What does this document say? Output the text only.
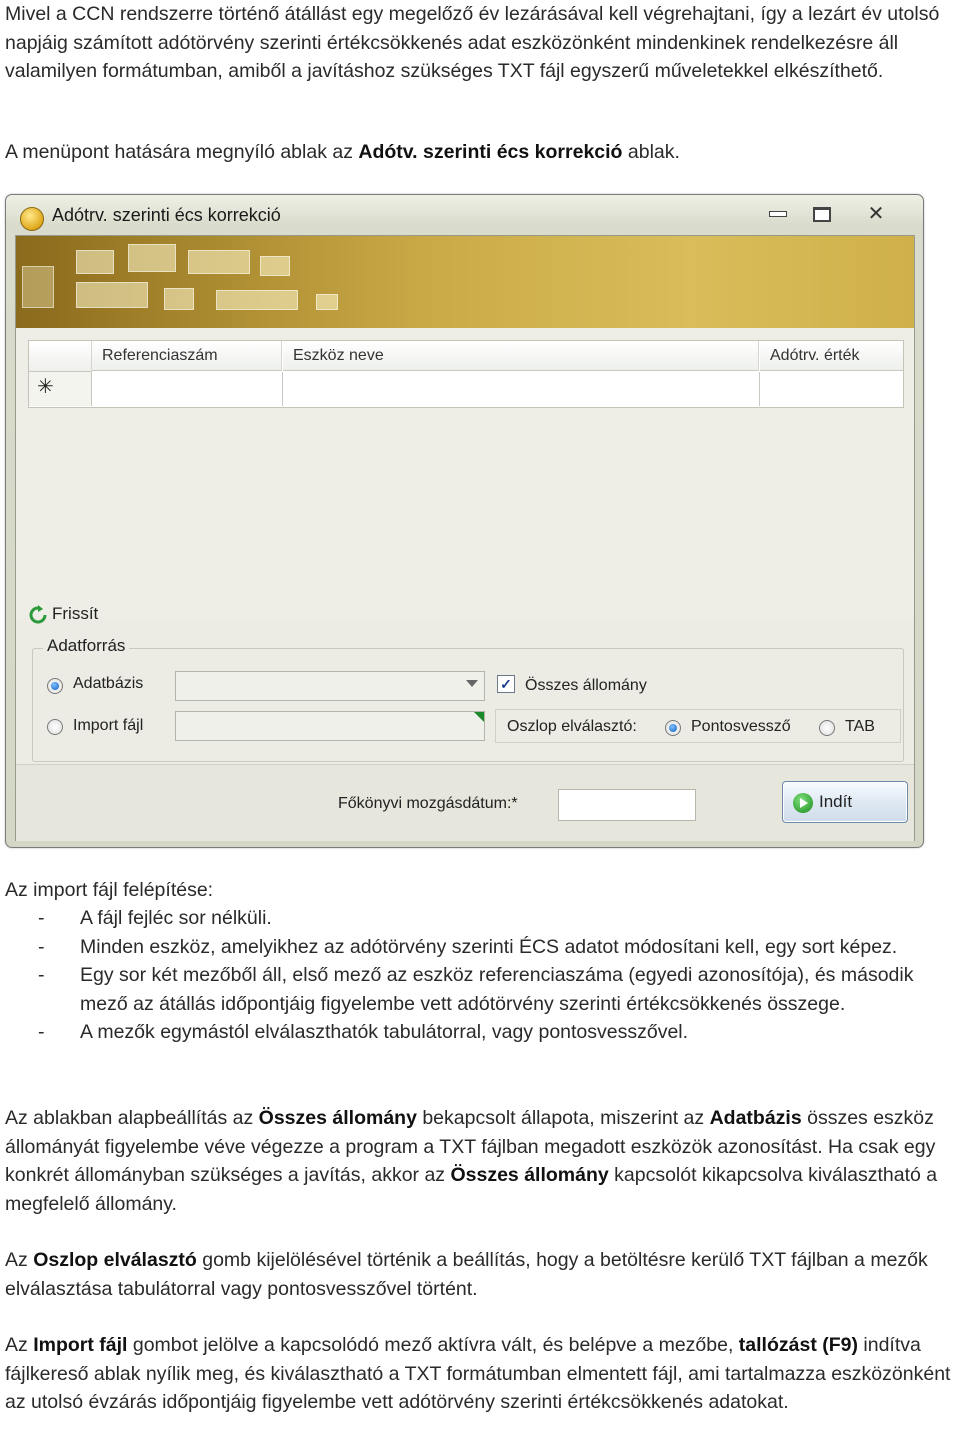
Mivel a CCN rendszerre történő átállást egy megelőző év lezárásával kell végrehajtani, így a lezárt év utolsó napjáig számított adótörvény szerinti értékcsökkenés adat eszközönként mindenkinek rendelkezésre áll valamilyen formátumban, amiből a javításhoz szükséges TXT fájl egyszerű műveletekkel elkészíthető.

A menüpont hatására megnyíló ablak az Adótv. szerinti écs korrekció ablak.

Adótrv. szerinti écs korrekció	✕
Referenciaszám	Eszköz neve	Adótrv. érték
✳
Frissít
Adatforrás
Adatbázis	✓ Összes állomány
Import fájl	Oszlop elválasztó:	Pontosvessző	TAB
Főkönyvi mozgásdátum:*	Indít

Az import fájl felépítése:

- A fájl fejléc sor nélküli.
- Minden eszköz, amelyikhez az adótörvény szerinti ÉCS adatot módosítani kell, egy sort képez.
- Egy sor két mezőből áll, első mező az eszköz referenciaszáma (egyedi azonosítója), és második mező az átállás időpontjáig figyelembe vett adótörvény szerinti értékcsökkenés összege.
- A mezők egymástól elválaszthatók tabulátorral, vagy pontosvesszővel.

Az ablakban alapbeállítás az Összes állomány bekapcsolt állapota, miszerint az Adatbázis összes eszköz állományát figyelembe véve végezze a program a TXT fájlban megadott eszközök azonosítást. Ha csak egy konkrét állományban szükséges a javítás, akkor az Összes állomány kapcsolót kikapcsolva kiválasztható a megfelelő állomány.

Az Oszlop elválasztó gomb kijelölésével történik a beállítás, hogy a betöltésre kerülő TXT fájlban a mezők elválasztása tabulátorral vagy pontosvesszővel történt.

Az Import fájl gombot jelölve a kapcsolódó mező aktívra vált, és belépve a mezőbe, tallózást (F9) indítva fájlkereső ablak nyílik meg, és kiválasztható a TXT formátumban elmentett fájl, ami tartalmazza eszközönként az utolsó évzárás időpontjáig figyelembe vett adótörvény szerinti értékcsökkenés adatokat.
